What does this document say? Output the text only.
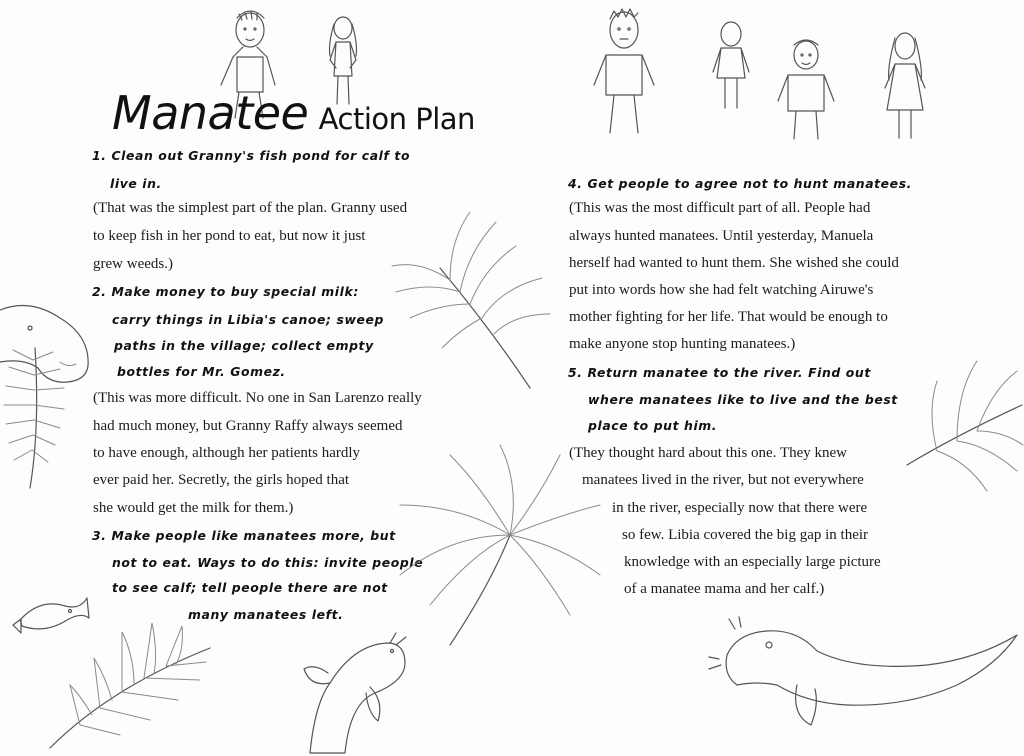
Manatee Action Plan
1. Clean out Granny's fish pond for calf to
live in.
(That was the simplest part of the plan. Granny used
to keep fish in her pond to eat, but now it just
grew weeds.)
2. Make money to buy special milk:
carry things in Libia's canoe; sweep
paths in the village; collect empty
bottles for Mr. Gomez.
(This was more difficult. No one in San Larenzo really
had much money, but Granny Raffy always seemed
to have enough, although her patients hardly
ever paid her. Secretly, the girls hoped that
she would get the milk for them.)
3. Make people like manatees more, but
not to eat. Ways to do this: invite people
to see calf; tell people there are not
many manatees left.
4. Get people to agree not to hunt manatees.
(This was the most difficult part of all. People had
always hunted manatees. Until yesterday, Manuela
herself had wanted to hunt them. She wished she could
put into words how she had felt watching Airuwe's
mother fighting for her life. That would be enough to
make anyone stop hunting manatees.)
5. Return manatee to the river. Find out
where manatees like to live and the best
place to put him.
(They thought hard about this one. They knew
manatees lived in the river, but not everywhere
in the river, especially now that there were
so few. Libia covered the big gap in their
knowledge with an especially large picture
of a manatee mama and her calf.)
